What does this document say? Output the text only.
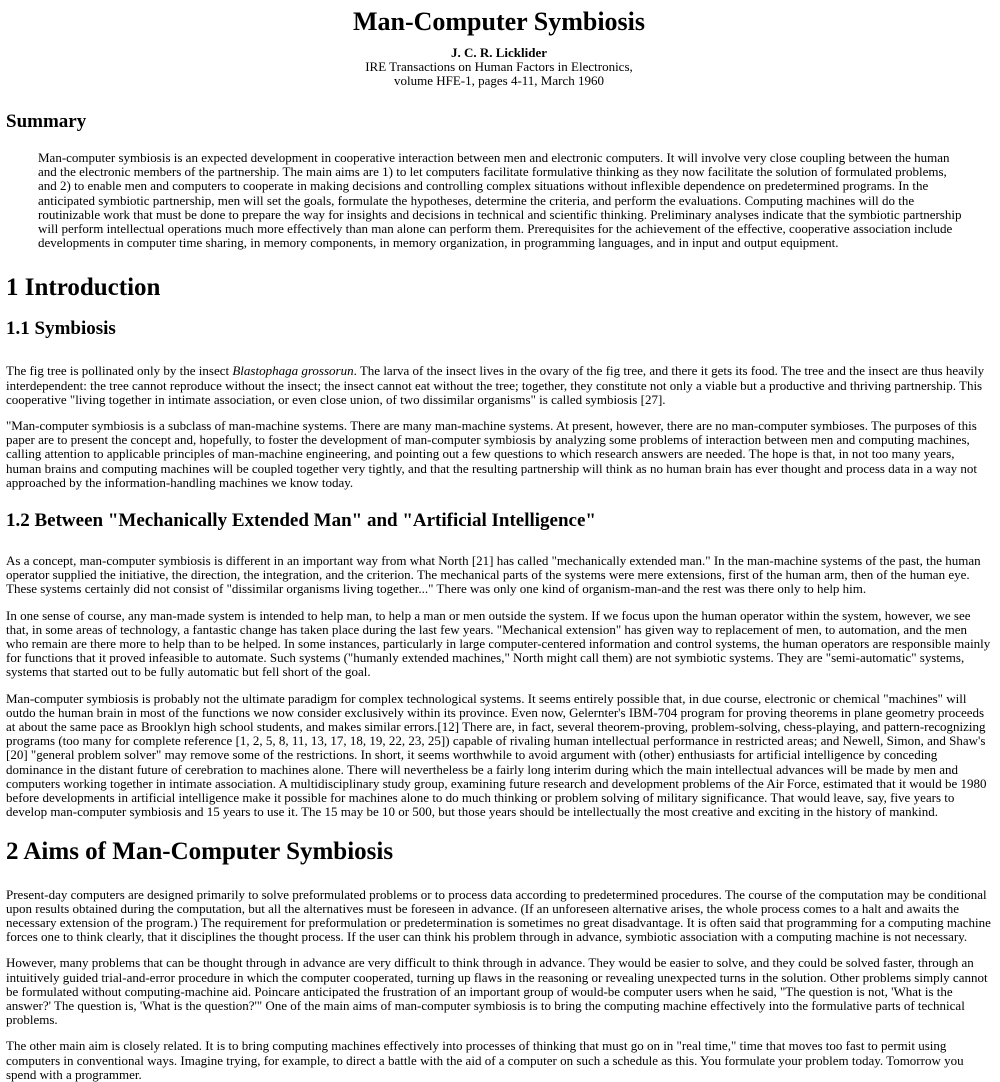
Man-Computer Symbiosis
J. C. R. Licklider
IRE Transactions on Human Factors in Electronics,
volume HFE-1, pages 4-11, March 1960
Summary
Man-computer symbiosis is an expected development in cooperative interaction between men and electronic computers. It will involve very close coupling between the human and the electronic members of the partnership. The main aims are 1) to let computers facilitate formulative thinking as they now facilitate the solution of formulated problems, and 2) to enable men and computers to cooperate in making decisions and controlling complex situations without inflexible dependence on predetermined programs. In the anticipated symbiotic partnership, men will set the goals, formulate the hypotheses, determine the criteria, and perform the evaluations. Computing machines will do the routinizable work that must be done to prepare the way for insights and decisions in technical and scientific thinking. Preliminary analyses indicate that the symbiotic partnership will perform intellectual operations much more effectively than man alone can perform them. Prerequisites for the achievement of the effective, cooperative association include developments in computer time sharing, in memory components, in memory organization, in programming languages, and in input and output equipment.
1 Introduction
1.1 Symbiosis

The fig tree is pollinated only by the insect Blastophaga grossorun. The larva of the insect lives in the ovary of the fig tree, and there it gets its food. The tree and the insect are thus heavily interdependent: the tree cannot reproduce without the insect; the insect cannot eat without the tree; together, they constitute not only a viable but a productive and thriving partnership. This cooperative "living together in intimate association, or even close union, of two dissimilar organisms" is called symbiosis [27].

"Man-computer symbiosis is a subclass of man-machine systems. There are many man-machine systems. At present, however, there are no man-computer symbioses. The purposes of this paper are to present the concept and, hopefully, to foster the development of man-computer symbiosis by analyzing some problems of interaction between men and computing machines, calling attention to applicable principles of man-machine engineering, and pointing out a few questions to which research answers are needed. The hope is that, in not too many years, human brains and computing machines will be coupled together very tightly, and that the resulting partnership will think as no human brain has ever thought and process data in a way not approached by the information-handling machines we know today.

1.2 Between "Mechanically Extended Man" and "Artificial Intelligence"

As a concept, man-computer symbiosis is different in an important way from what North [21] has called "mechanically extended man." In the man-machine systems of the past, the human operator supplied the initiative, the direction, the integration, and the criterion. The mechanical parts of the systems were mere extensions, first of the human arm, then of the human eye. These systems certainly did not consist of "dissimilar organisms living together..." There was only one kind of organism-man-and the rest was there only to help him.

In one sense of course, any man-made system is intended to help man, to help a man or men outside the system. If we focus upon the human operator within the system, however, we see that, in some areas of technology, a fantastic change has taken place during the last few years. "Mechanical extension" has given way to replacement of men, to automation, and the men who remain are there more to help than to be helped. In some instances, particularly in large computer-centered information and control systems, the human operators are responsible mainly for functions that it proved infeasible to automate. Such systems ("humanly extended machines," North might call them) are not symbiotic systems. They are "semi-automatic" systems, systems that started out to be fully automatic but fell short of the goal.

Man-computer symbiosis is probably not the ultimate paradigm for complex technological systems. It seems entirely possible that, in due course, electronic or chemical "machines" will outdo the human brain in most of the functions we now consider exclusively within its province. Even now, Gelernter's IBM-704 program for proving theorems in plane geometry proceeds at about the same pace as Brooklyn high school students, and makes similar errors.[12] There are, in fact, several theorem-proving, problem-solving, chess-playing, and pattern-recognizing programs (too many for complete reference [1, 2, 5, 8, 11, 13, 17, 18, 19, 22, 23, 25]) capable of rivaling human intellectual performance in restricted areas; and Newell, Simon, and Shaw's [20] "general problem solver" may remove some of the restrictions. In short, it seems worthwhile to avoid argument with (other) enthusiasts for artificial intelligence by conceding dominance in the distant future of cerebration to machines alone. There will nevertheless be a fairly long interim during which the main intellectual advances will be made by men and computers working together in intimate association. A multidisciplinary study group, examining future research and development problems of the Air Force, estimated that it would be 1980 before developments in artificial intelligence make it possible for machines alone to do much thinking or problem solving of military significance. That would leave, say, five years to develop man-computer symbiosis and 15 years to use it. The 15 may be 10 or 500, but those years should be intellectually the most creative and exciting in the history of mankind.

2 Aims of Man-Computer Symbiosis

Present-day computers are designed primarily to solve preformulated problems or to process data according to predetermined procedures. The course of the computation may be conditional upon results obtained during the computation, but all the alternatives must be foreseen in advance. (If an unforeseen alternative arises, the whole process comes to a halt and awaits the necessary extension of the program.) The requirement for preformulation or predetermination is sometimes no great disadvantage. It is often said that programming for a computing machine forces one to think clearly, that it disciplines the thought process. If the user can think his problem through in advance, symbiotic association with a computing machine is not necessary.

However, many problems that can be thought through in advance are very difficult to think through in advance. They would be easier to solve, and they could be solved faster, through an intuitively guided trial-and-error procedure in which the computer cooperated, turning up flaws in the reasoning or revealing unexpected turns in the solution. Other problems simply cannot be formulated without computing-machine aid. Poincare anticipated the frustration of an important group of would-be computer users when he said, "The question is not, 'What is the answer?' The question is, 'What is the question?'" One of the main aims of man-computer symbiosis is to bring the computing machine effectively into the formulative parts of technical problems.

The other main aim is closely related. It is to bring computing machines effectively into processes of thinking that must go on in "real time," time that moves too fast to permit using computers in conventional ways. Imagine trying, for example, to direct a battle with the aid of a computer on such a schedule as this. You formulate your problem today. Tomorrow you spend with a programmer.
